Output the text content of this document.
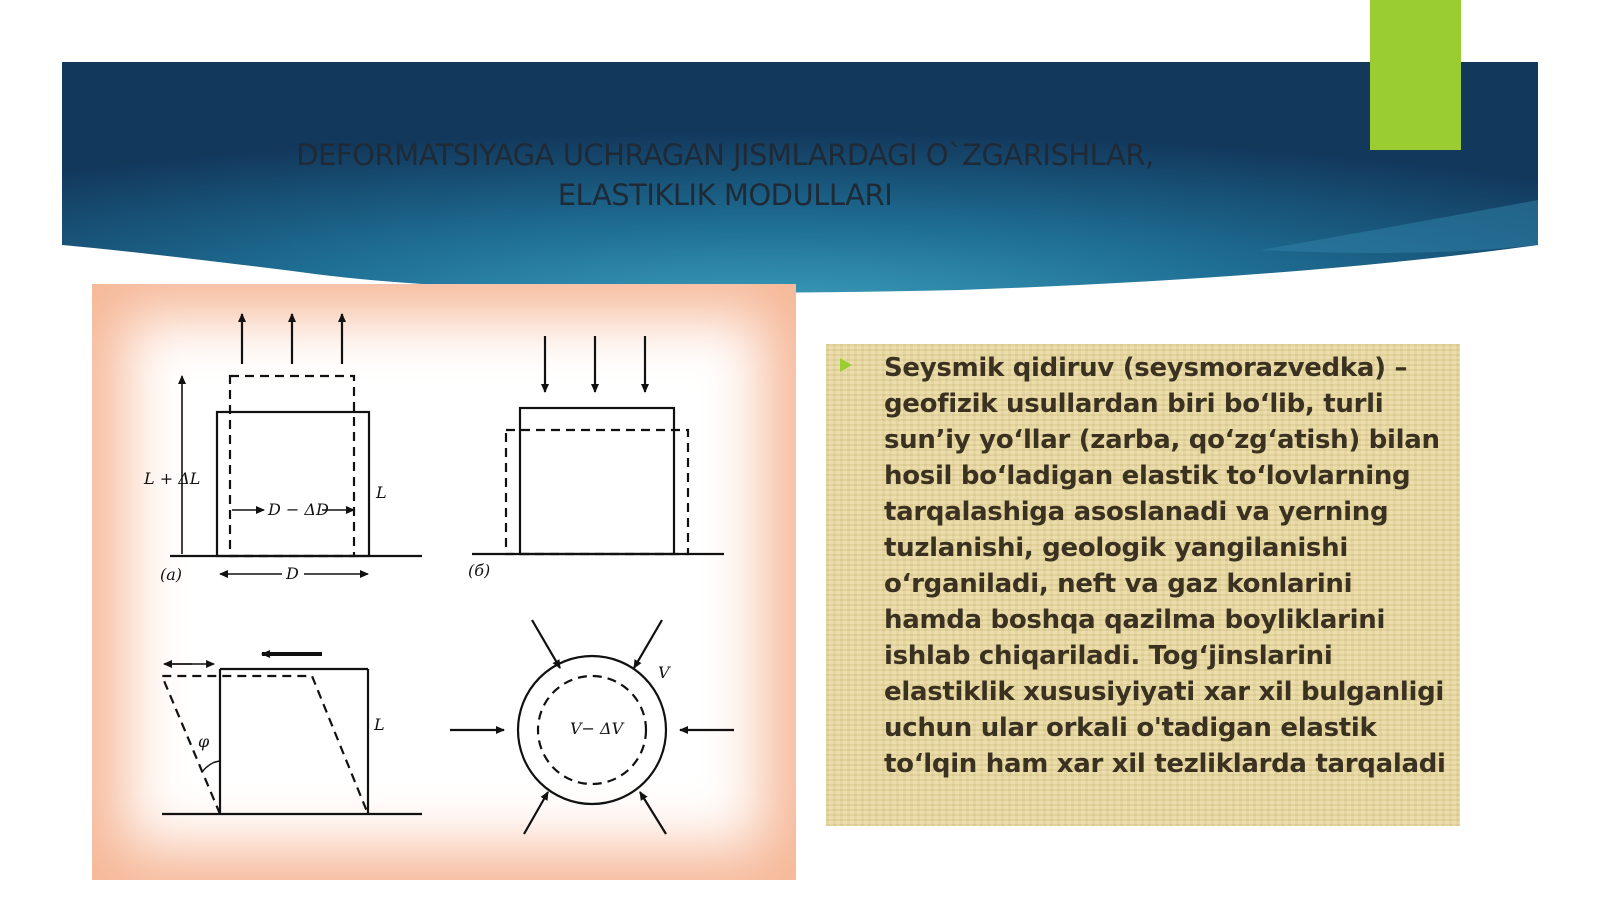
DEFORMATSIYAGA UCHRAGAN JISMLARDAGI O`ZGARISHLAR,
ELASTIKLIK MODULLARI
L + ΔL
D − ΔD
L
D
(a)	(б)
φ
L
V
V− ΔV
Seysmik qidiruv (seysmorazvedka) – geofizik usullardan biri bo‘lib, turli sun’iy yo‘llar (zarba, qo‘zg‘atish) bilan hosil bo‘ladigan elastik to‘lovlarning tarqalashiga asoslanadi va yerning tuzlanishi, geologik yangilanishi o‘rganiladi, neft va gaz konlarini hamda boshqa qazilma boyliklarini ishlab chiqariladi. Tog‘jinslarini elastiklik xususiyiyati xar xil bulganligi uchun ular orkali o'tadigan elastik to‘lqin ham xar xil tezliklarda tarqaladi
